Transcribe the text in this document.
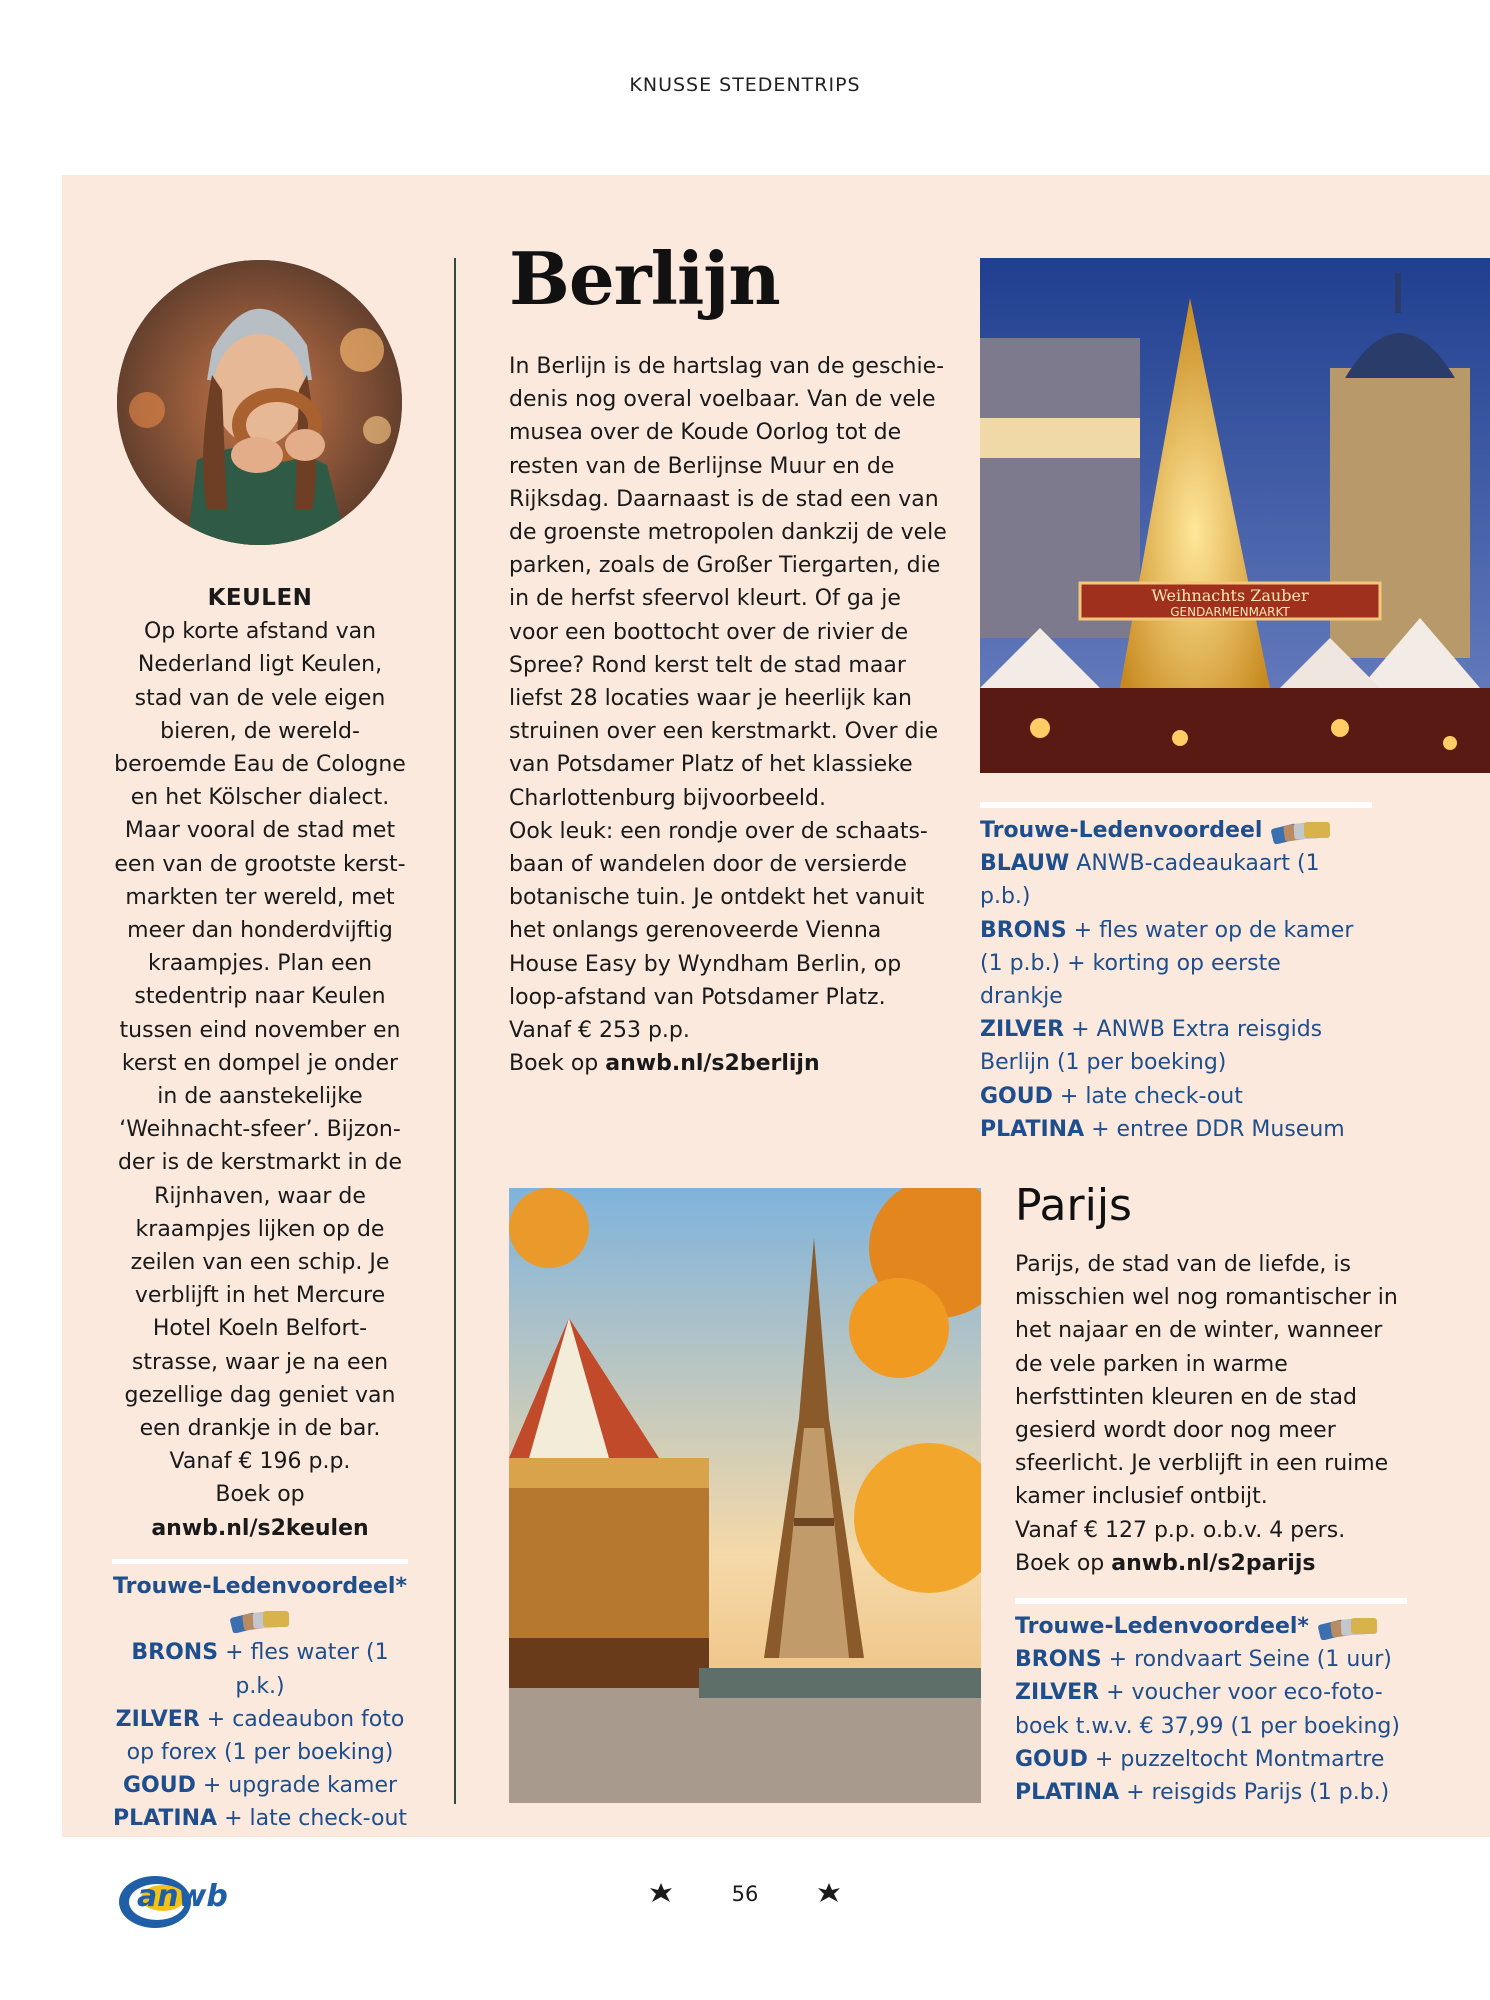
KNUSSE STEDENTRIPS
KEULEN
Op korte afstand van Nederland ligt Keulen, stad van de vele eigen bieren, de wereld-beroemde Eau de Cologne en het Kölscher dialect. Maar vooral de stad met een van de grootste kerst-markten ter wereld, met meer dan honderdvijftig kraampjes. Plan een stedentrip naar Keulen tussen eind november en kerst en dompel je onder in de aanstekelijke ‘Weihnacht-sfeer’. Bijzon-der is de kerstmarkt in de Rijnhaven, waar de kraampjes lijken op de zeilen van een schip. Je verblijft in het Mercure Hotel Koeln Belfort-strasse, waar je na een gezellige dag geniet van een drankje in de bar.
Vanaf € 196 p.p.
Boek op
anwb.nl/s2keulen
Trouwe-Ledenvoordeel*
BRONS + fles water (1 p.k.)
ZILVER + cadeaubon foto op forex (1 per boeking)
GOUD + upgrade kamer
PLATINA + late check-out
Berlijn
In Berlijn is de hartslag van de geschie-denis nog overal voelbaar. Van de vele musea over de Koude Oorlog tot de resten van de Berlijnse Muur en de Rijksdag. Daarnaast is de stad een van de groenste metropolen dankzij de vele parken, zoals de Großer Tiergarten, die in de herfst sfeervol kleurt. Of ga je voor een boottocht over de rivier de Spree? Rond kerst telt de stad maar liefst 28 locaties waar je heerlijk kan struinen over een kerstmarkt. Over die van Potsdamer Platz of het klassieke Charlottenburg bijvoorbeeld.
Ook leuk: een rondje over de schaats-baan of wandelen door de versierde botanische tuin. Je ontdekt het vanuit het onlangs gerenoveerde Vienna House Easy by Wyndham Berlin, op loop-afstand van Potsdamer Platz.
Vanaf € 253 p.p.
Boek op anwb.nl/s2berlijn
Weihnachts Zauber
GENDARMENMARKT
Trouwe-Ledenvoordeel
BLAUW ANWB-cadeaukaart (1 p.b.)
BRONS + fles water op de kamer (1 p.b.) + korting op eerste drankje
ZILVER + ANWB Extra reisgids Berlijn (1 per boeking)
GOUD + late check-out
PLATINA + entree DDR Museum
Parijs
Parijs, de stad van de liefde, is misschien wel nog romantischer in het najaar en de winter, wanneer de vele parken in warme herfsttinten kleuren en de stad gesierd wordt door nog meer sfeerlicht. Je verblijft in een ruime kamer inclusief ontbijt.
Vanaf € 127 p.p. o.b.v. 4 pers.
Boek op anwb.nl/s2parijs
Trouwe-Ledenvoordeel*
BRONS + rondvaart Seine (1 uur)
ZILVER + voucher voor eco-foto-boek t.w.v. € 37,99 (1 per boeking)
GOUD + puzzeltocht Montmartre
PLATINA + reisgids Parijs (1 p.b.)
anwb	56
